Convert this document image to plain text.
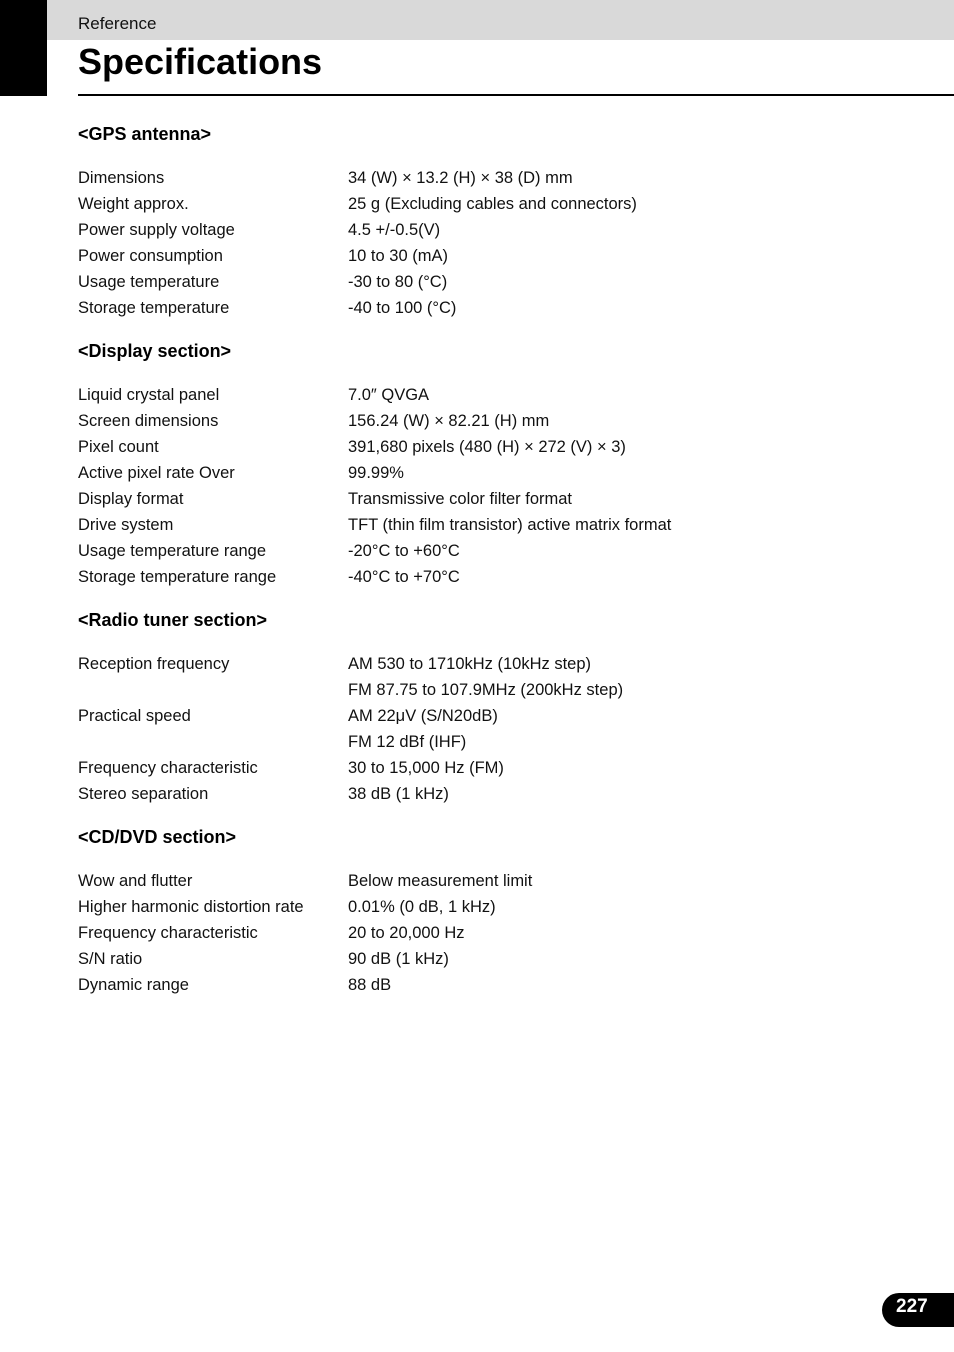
Reference
Specifications
<GPS antenna>
Dimensions	34 (W) × 13.2 (H) × 38 (D) mm
Weight approx.	25 g (Excluding cables and connectors)
Power supply voltage	4.5 +/-0.5(V)
Power consumption	10 to 30 (mA)
Usage temperature	-30 to 80 (°C)
Storage temperature	-40 to 100 (°C)
<Display section>
Liquid crystal panel	7.0″ QVGA
Screen dimensions	156.24 (W) × 82.21 (H) mm
Pixel count	391,680 pixels (480 (H) × 272 (V) × 3)
Active pixel rate Over	99.99%
Display format	Transmissive color filter format
Drive system	TFT (thin film transistor) active matrix format
Usage temperature range	-20°C to +60°C
Storage temperature range	-40°C to +70°C
<Radio tuner section>
Reception frequency	AM 530 to 1710kHz (10kHz step)
	FM 87.75 to 107.9MHz (200kHz step)
Practical speed	AM 22μV (S/N20dB)
	FM 12 dBf (IHF)
Frequency characteristic	30 to 15,000 Hz (FM)
Stereo separation	38 dB (1 kHz)
<CD/DVD section>
Wow and flutter	Below measurement limit
Higher harmonic distortion rate	0.01% (0 dB, 1 kHz)
Frequency characteristic	20 to 20,000 Hz
S/N ratio	90 dB (1 kHz)
Dynamic range	88 dB
227
